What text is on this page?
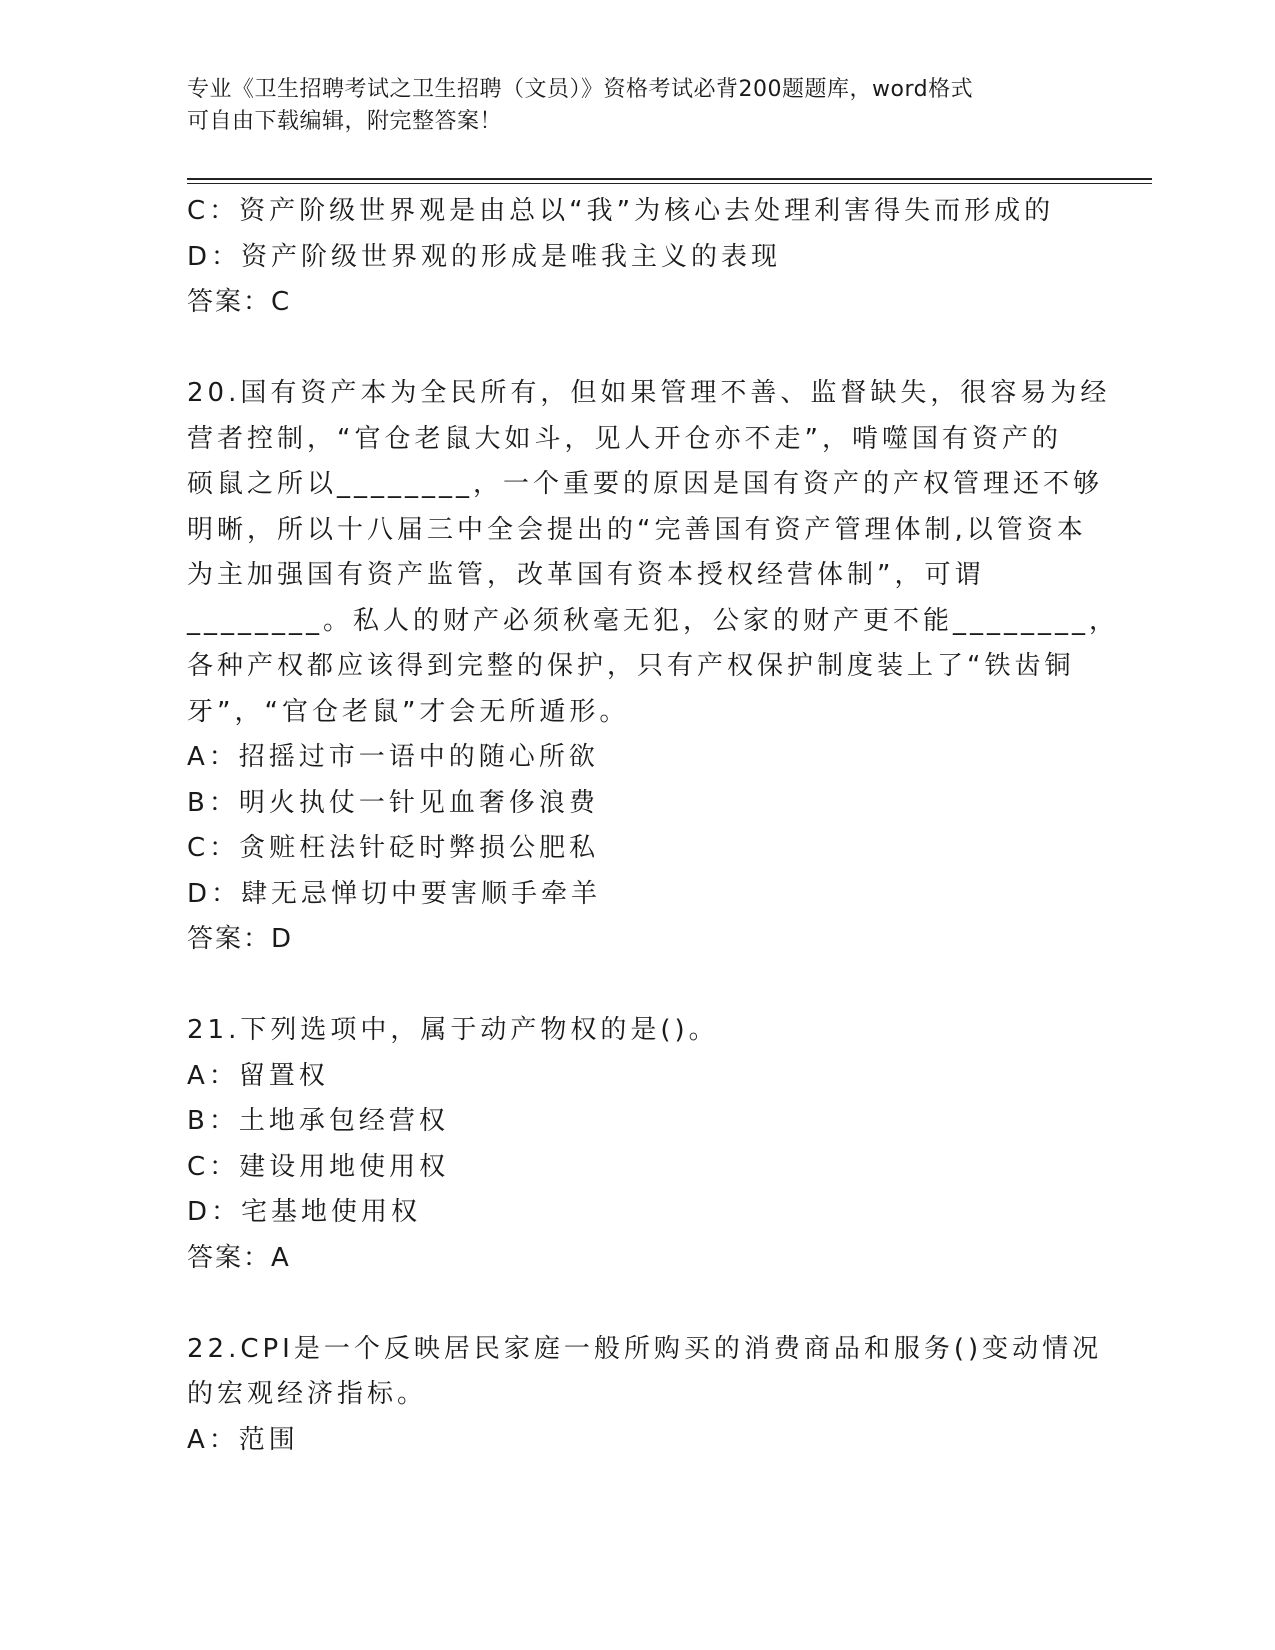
专业《卫生招聘考试之卫生招聘（文员）》资格考试必背200题题库，word格式
可自由下载编辑，附完整答案！
C：资产阶级世界观是由总以“我”为核心去处理利害得失而形成的
D：资产阶级世界观的形成是唯我主义的表现
答案：C
20.国有资产本为全民所有，但如果管理不善、监督缺失，很容易为经
营者控制，“官仓老鼠大如斗，见人开仓亦不走”，啃噬国有资产的
硕鼠之所以________，一个重要的原因是国有资产的产权管理还不够
明晰，所以十八届三中全会提出的“完善国有资产管理体制,以管资本
为主加强国有资产监管，改革国有资本授权经营体制”，可谓
________。私人的财产必须秋毫无犯，公家的财产更不能________，
各种产权都应该得到完整的保护，只有产权保护制度装上了“铁齿铜
牙”，“官仓老鼠”才会无所遁形。
A：招摇过市一语中的随心所欲
B：明火执仗一针见血奢侈浪费
C：贪赃枉法针砭时弊损公肥私
D：肆无忌惮切中要害顺手牵羊
答案：D
21.下列选项中，属于动产物权的是()。
A：留置权
B：土地承包经营权
C：建设用地使用权
D：宅基地使用权
答案：A
22.CPI是一个反映居民家庭一般所购买的消费商品和服务()变动情况
的宏观经济指标。
A：范围
